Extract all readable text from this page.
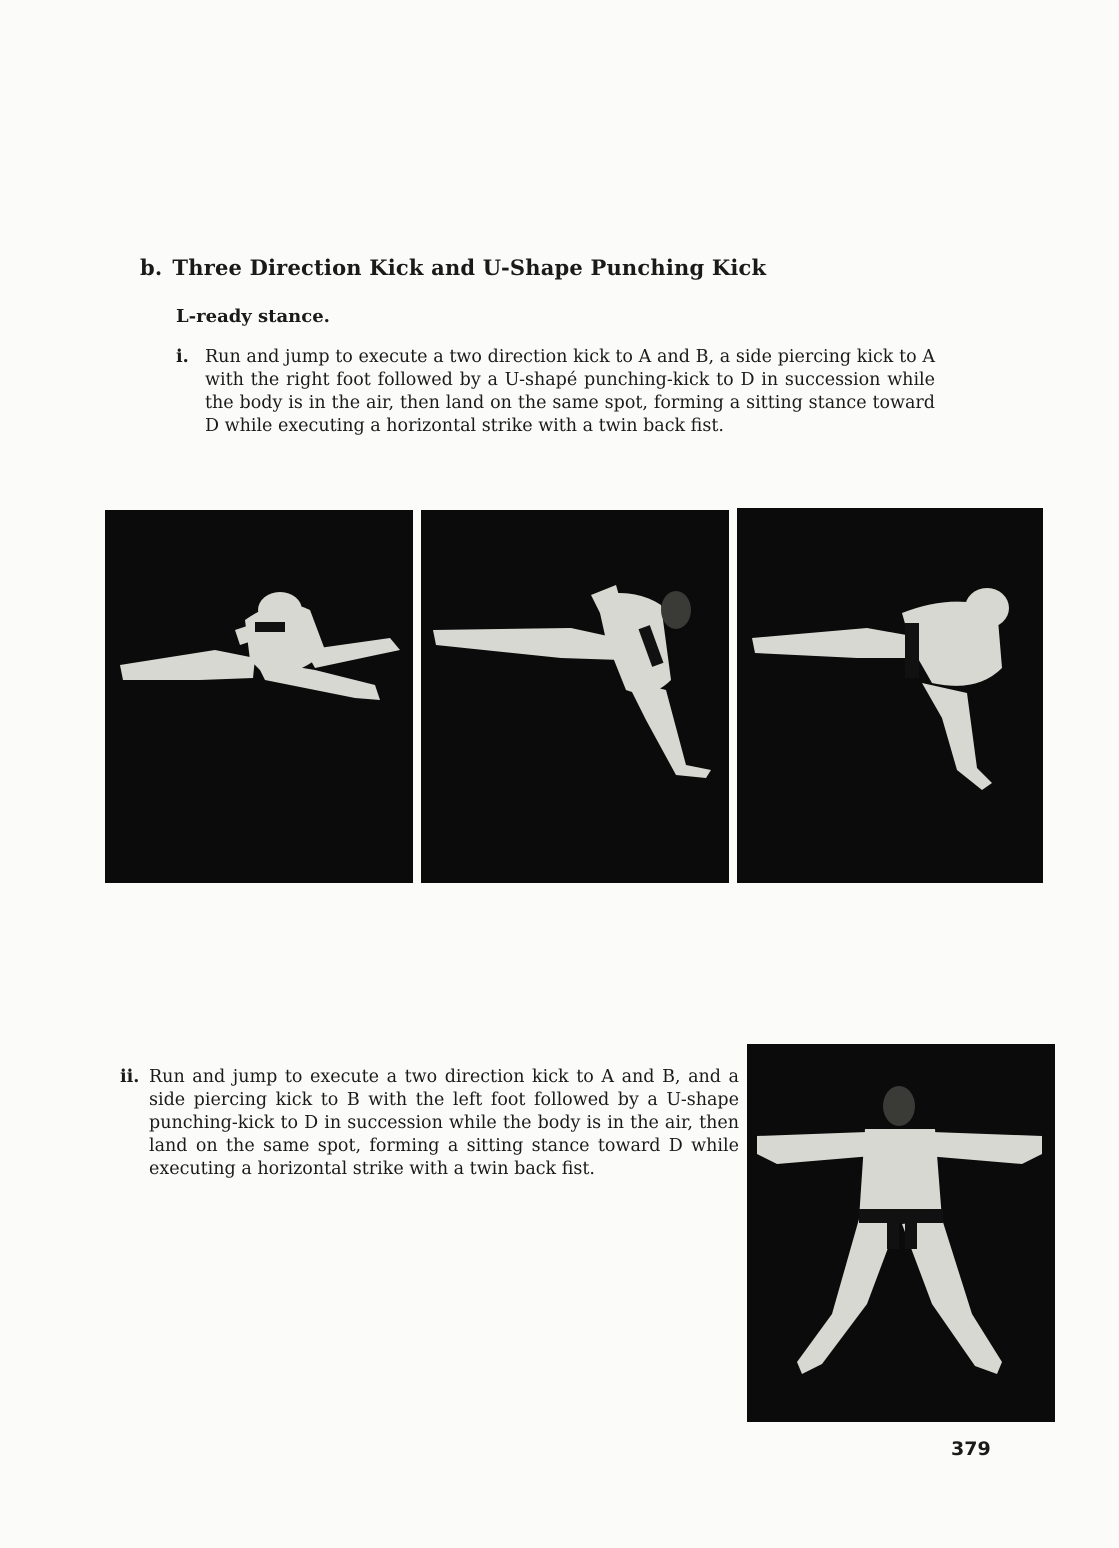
b. Three Direction Kick and U-Shape Punching Kick
L-ready stance.
i. Run and jump to execute a two direction kick to A and B, a side piercing kick to A with the right foot followed by a U-shapé punching-kick to D in succession while the body is in the air, then land on the same spot, forming a sitting stance toward D while executing a horizontal strike with a twin back fist.
ii. Run and jump to execute a two direction kick to A and B, and a side piercing kick to B with the left foot followed by a U-shape punching-kick to D in succession while the body is in the air, then land on the same spot, forming a sitting stance toward D while executing a horizontal strike with a twin back fist.
379
